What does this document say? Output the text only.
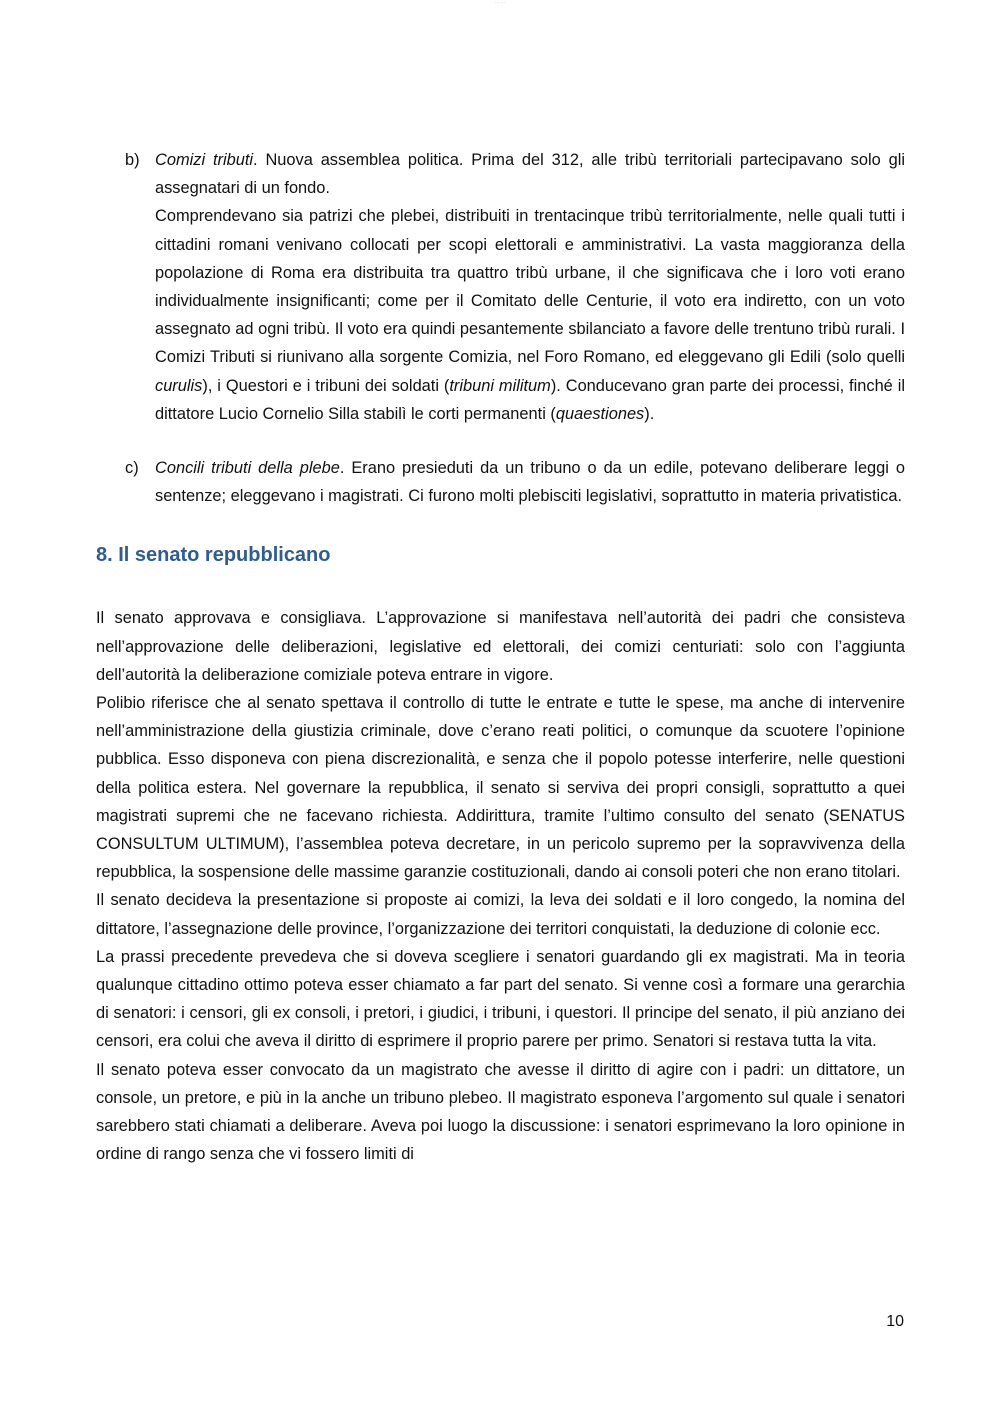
· · · · ·
b) Comizi tributi. Nuova assemblea politica. Prima del 312, alle tribù territoriali partecipavano solo gli assegnatari di un fondo.

Comprendevano sia patrizi che plebei, distribuiti in trentacinque tribù territorialmente, nelle quali tutti i cittadini romani venivano collocati per scopi elettorali e amministrativi. La vasta maggioranza della popolazione di Roma era distribuita tra quattro tribù urbane, il che significava che i loro voti erano individualmente insignificanti; come per il Comitato delle Centurie, il voto era indiretto, con un voto assegnato ad ogni tribù. Il voto era quindi pesantemente sbilanciato a favore delle trentuno tribù rurali. I Comizi Tributi si riunivano alla sorgente Comizia, nel Foro Romano, ed eleggevano gli Edili (solo quelli curulis), i Questori e i tribuni dei soldati (tribuni militum). Conducevano gran parte dei processi, finché il dittatore Lucio Cornelio Silla stabilì le corti permanenti (quaestiones).

c) Concili tributi della plebe. Erano presieduti da un tribuno o da un edile, potevano deliberare leggi o sentenze; eleggevano i magistrati. Ci furono molti plebisciti legislativi, soprattutto in materia privatistica.

8. Il senato repubblicano

Il senato approvava e consigliava. L’approvazione si manifestava nell’autorità dei padri che consisteva nell’approvazione delle deliberazioni, legislative ed elettorali, dei comizi centuriati: solo con l’aggiunta dell’autorità la deliberazione comiziale poteva entrare in vigore.

Polibio riferisce che al senato spettava il controllo di tutte le entrate e tutte le spese, ma anche di intervenire nell’amministrazione della giustizia criminale, dove c’erano reati politici, o comunque da scuotere l’opinione pubblica. Esso disponeva con piena discrezionalità, e senza che il popolo potesse interferire, nelle questioni della politica estera. Nel governare la repubblica, il senato si serviva dei propri consigli, soprattutto a quei magistrati supremi che ne facevano richiesta. Addirittura, tramite l’ultimo consulto del senato (SENATUS CONSULTUM ULTIMUM), l’assemblea poteva decretare, in un pericolo supremo per la sopravvivenza della repubblica, la sospensione delle massime garanzie costituzionali, dando ai consoli poteri che non erano titolari.

Il senato decideva la presentazione si proposte ai comizi, la leva dei soldati e il loro congedo, la nomina del dittatore, l’assegnazione delle province, l’organizzazione dei territori conquistati, la deduzione di colonie ecc.

La prassi precedente prevedeva che si doveva scegliere i senatori guardando gli ex magistrati. Ma in teoria qualunque cittadino ottimo poteva esser chiamato a far part del senato. Si venne così a formare una gerarchia di senatori: i censori, gli ex consoli, i pretori, i giudici, i tribuni, i questori. Il principe del senato, il più anziano dei censori, era colui che aveva il diritto di esprimere il proprio parere per primo. Senatori si restava tutta la vita.

Il senato poteva esser convocato da un magistrato che avesse il diritto di agire con i padri: un dittatore, un console, un pretore, e più in la anche un tribuno plebeo. Il magistrato esponeva l’argomento sul quale i senatori sarebbero stati chiamati a deliberare. Aveva poi luogo la discussione: i senatori esprimevano la loro opinione in ordine di rango senza che vi fossero limiti di

10
